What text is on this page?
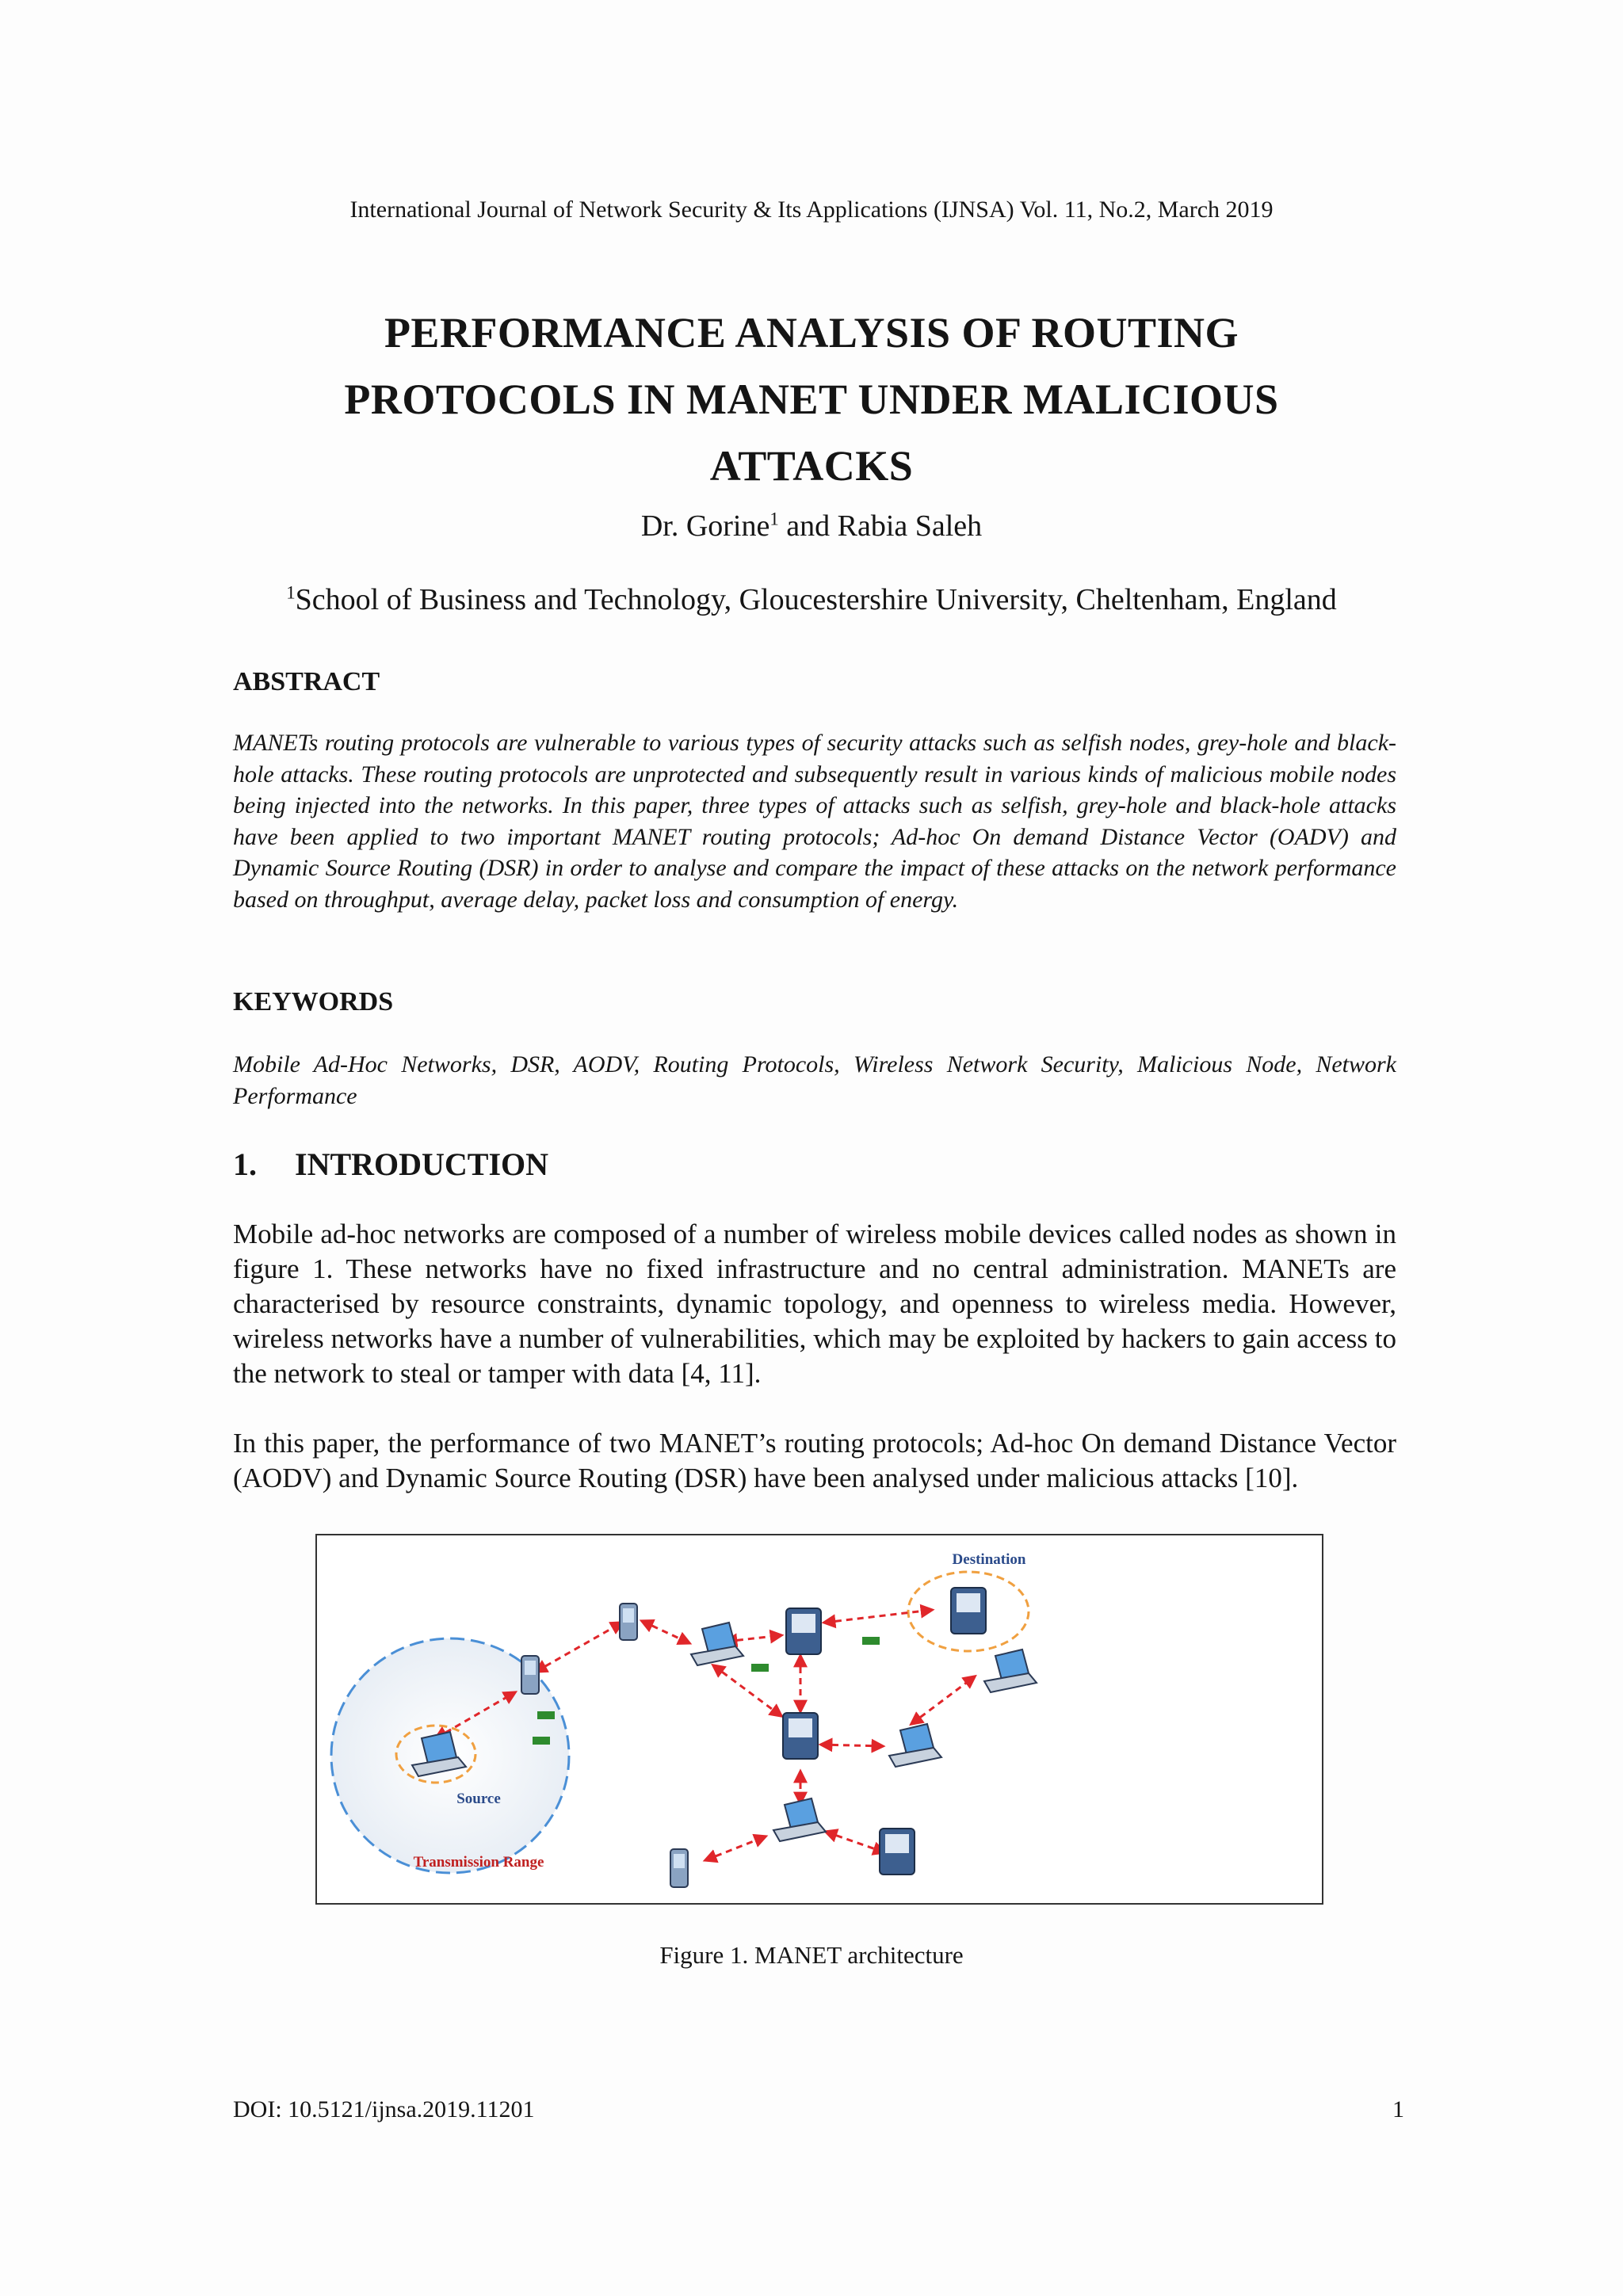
International Journal of Network Security & Its Applications (IJNSA) Vol. 11, No.2, March 2019
PERFORMANCE ANALYSIS OF ROUTING
PROTOCOLS IN MANET UNDER MALICIOUS
ATTACKS
Dr. Gorine$^1$ and Rabia Saleh
$^1$School of Business and Technology, Gloucestershire University, Cheltenham, England
ABSTRACT
MANETs routing protocols are vulnerable to various types of security attacks such as selfish nodes, grey-hole and black-hole attacks. These routing protocols are unprotected and subsequently result in various kinds of malicious mobile nodes being injected into the networks. In this paper, three types of attacks such as selfish, grey-hole and black-hole attacks have been applied to two important MANET routing protocols; Ad-hoc On demand Distance Vector (OADV) and Dynamic Source Routing (DSR) in order to analyse and compare the impact of these attacks on the network performance based on throughput, average delay, packet loss and consumption of energy.
KEYWORDS
Mobile Ad-Hoc Networks, DSR, AODV, Routing Protocols, Wireless Network Security, Malicious Node, Network Performance
1. INTRODUCTION
Mobile ad-hoc networks are composed of a number of wireless mobile devices called nodes as shown in figure 1. These networks have no fixed infrastructure and no central administration. MANETs are characterised by resource constraints, dynamic topology, and openness to wireless media. However, wireless networks have a number of vulnerabilities, which may be exploited by hackers to gain access to the network to steal or tamper with data [4, 11].
In this paper, the performance of two MANET’s routing protocols; Ad-hoc On demand Distance Vector (AODV) and Dynamic Source Routing (DSR) have been analysed under malicious attacks [10].
Destination
Source
Transmission Range
Figure 1. MANET architecture
DOI: 10.5121/ijnsa.2019.11201	1
